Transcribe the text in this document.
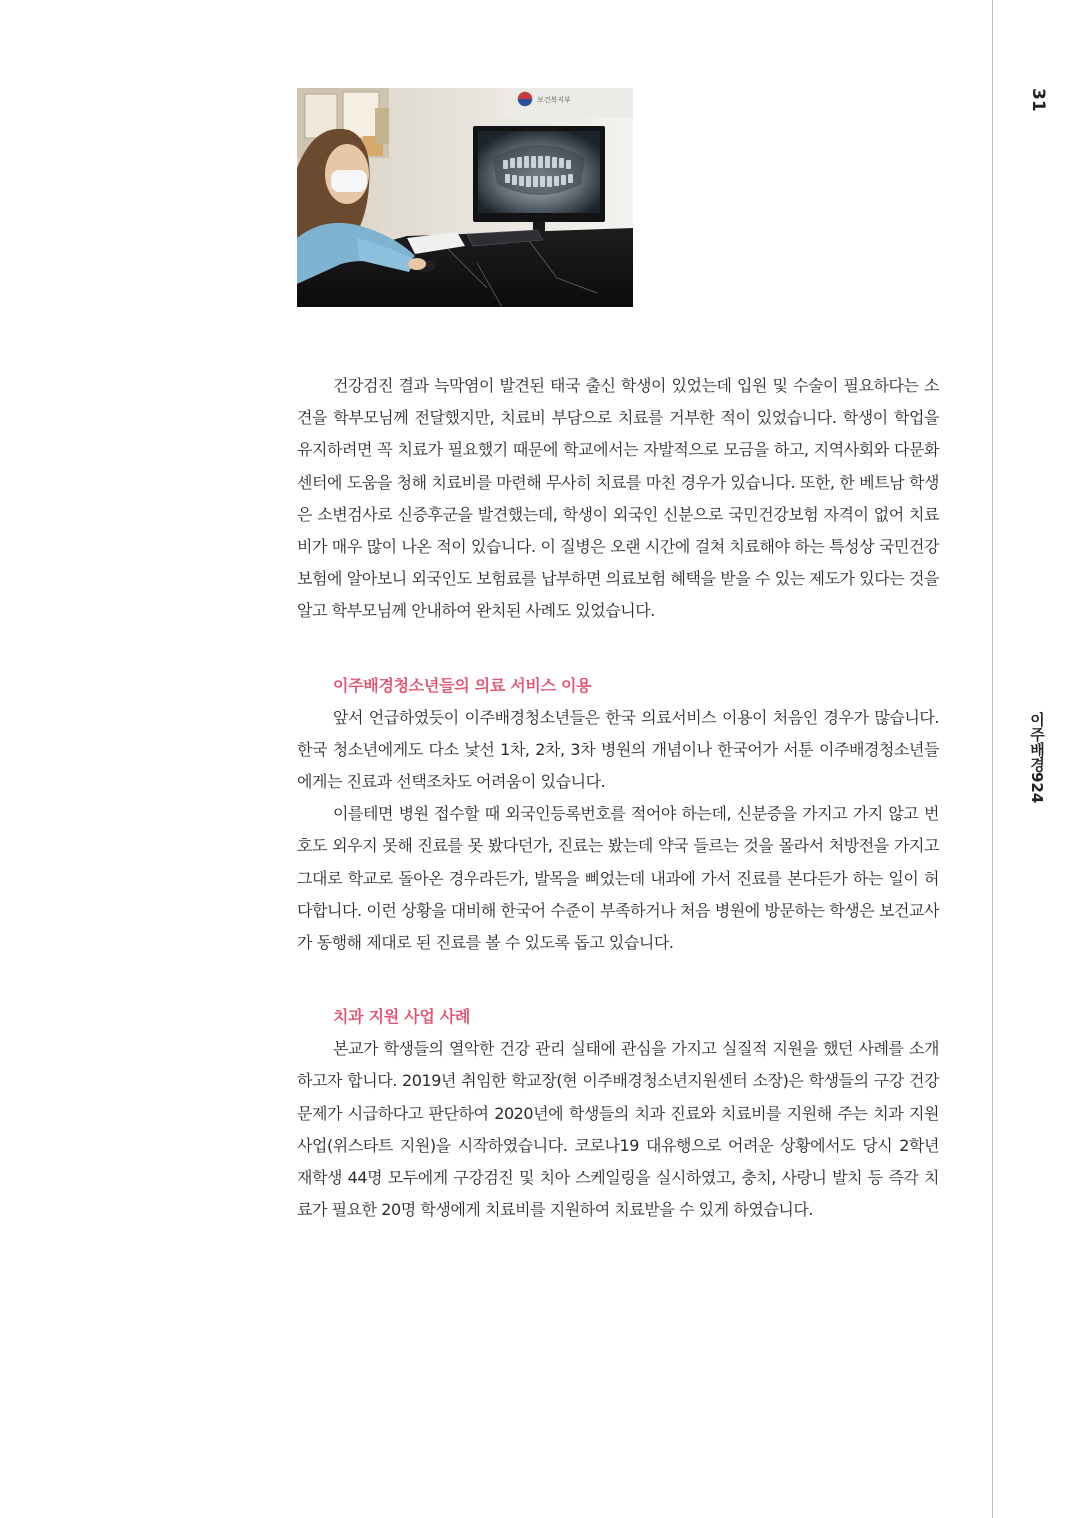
보건복지부	31
이주배경924

건강검진 결과 늑막염이 발견된 태국 출신 학생이 있었는데 입원 및 수술이 필요하다는 소견을 학부모님께 전달했지만, 치료비 부담으로 치료를 거부한 적이 있었습니다. 학생이 학업을 유지하려면 꼭 치료가 필요했기 때문에 학교에서는 자발적으로 모금을 하고, 지역사회와 다문화센터에 도움을 청해 치료비를 마련해 무사히 치료를 마친 경우가 있습니다. 또한, 한 베트남 학생은 소변검사로 신증후군을 발견했는데, 학생이 외국인 신분으로 국민건강보험 자격이 없어 치료비가 매우 많이 나온 적이 있습니다. 이 질병은 오랜 시간에 걸쳐 치료해야 하는 특성상 국민건강보험에 알아보니 외국인도 보험료를 납부하면 의료보험 혜택을 받을 수 있는 제도가 있다는 것을 알고 학부모님께 안내하여 완치된 사례도 있었습니다.

이주배경청소년들의 의료 서비스 이용

앞서 언급하였듯이 이주배경청소년들은 한국 의료서비스 이용이 처음인 경우가 많습니다. 한국 청소년에게도 다소 낯선 1차, 2차, 3차 병원의 개념이나 한국어가 서툰 이주배경청소년들에게는 진료과 선택조차도 어려움이 있습니다.

이를테면 병원 접수할 때 외국인등록번호를 적어야 하는데, 신분증을 가지고 가지 않고 번호도 외우지 못해 진료를 못 봤다던가, 진료는 봤는데 약국 들르는 것을 몰라서 처방전을 가지고 그대로 학교로 돌아온 경우라든가, 발목을 삐었는데 내과에 가서 진료를 본다든가 하는 일이 허다합니다. 이런 상황을 대비해 한국어 수준이 부족하거나 처음 병원에 방문하는 학생은 보건교사가 동행해 제대로 된 진료를 볼 수 있도록 돕고 있습니다.

치과 지원 사업 사례

본교가 학생들의 열악한 건강 관리 실태에 관심을 가지고 실질적 지원을 했던 사례를 소개하고자 합니다. 2019년 취임한 학교장(현 이주배경청소년지원센터 소장)은 학생들의 구강 건강 문제가 시급하다고 판단하여 2020년에 학생들의 치과 진료와 치료비를 지원해 주는 치과 지원 사업(위스타트 지원)을 시작하였습니다. 코로나19 대유행으로 어려운 상황에서도 당시 2학년 재학생 44명 모두에게 구강검진 및 치아 스케일링을 실시하였고, 충치, 사랑니 발치 등 즉각 치료가 필요한 20명 학생에게 치료비를 지원하여 치료받을 수 있게 하였습니다.
